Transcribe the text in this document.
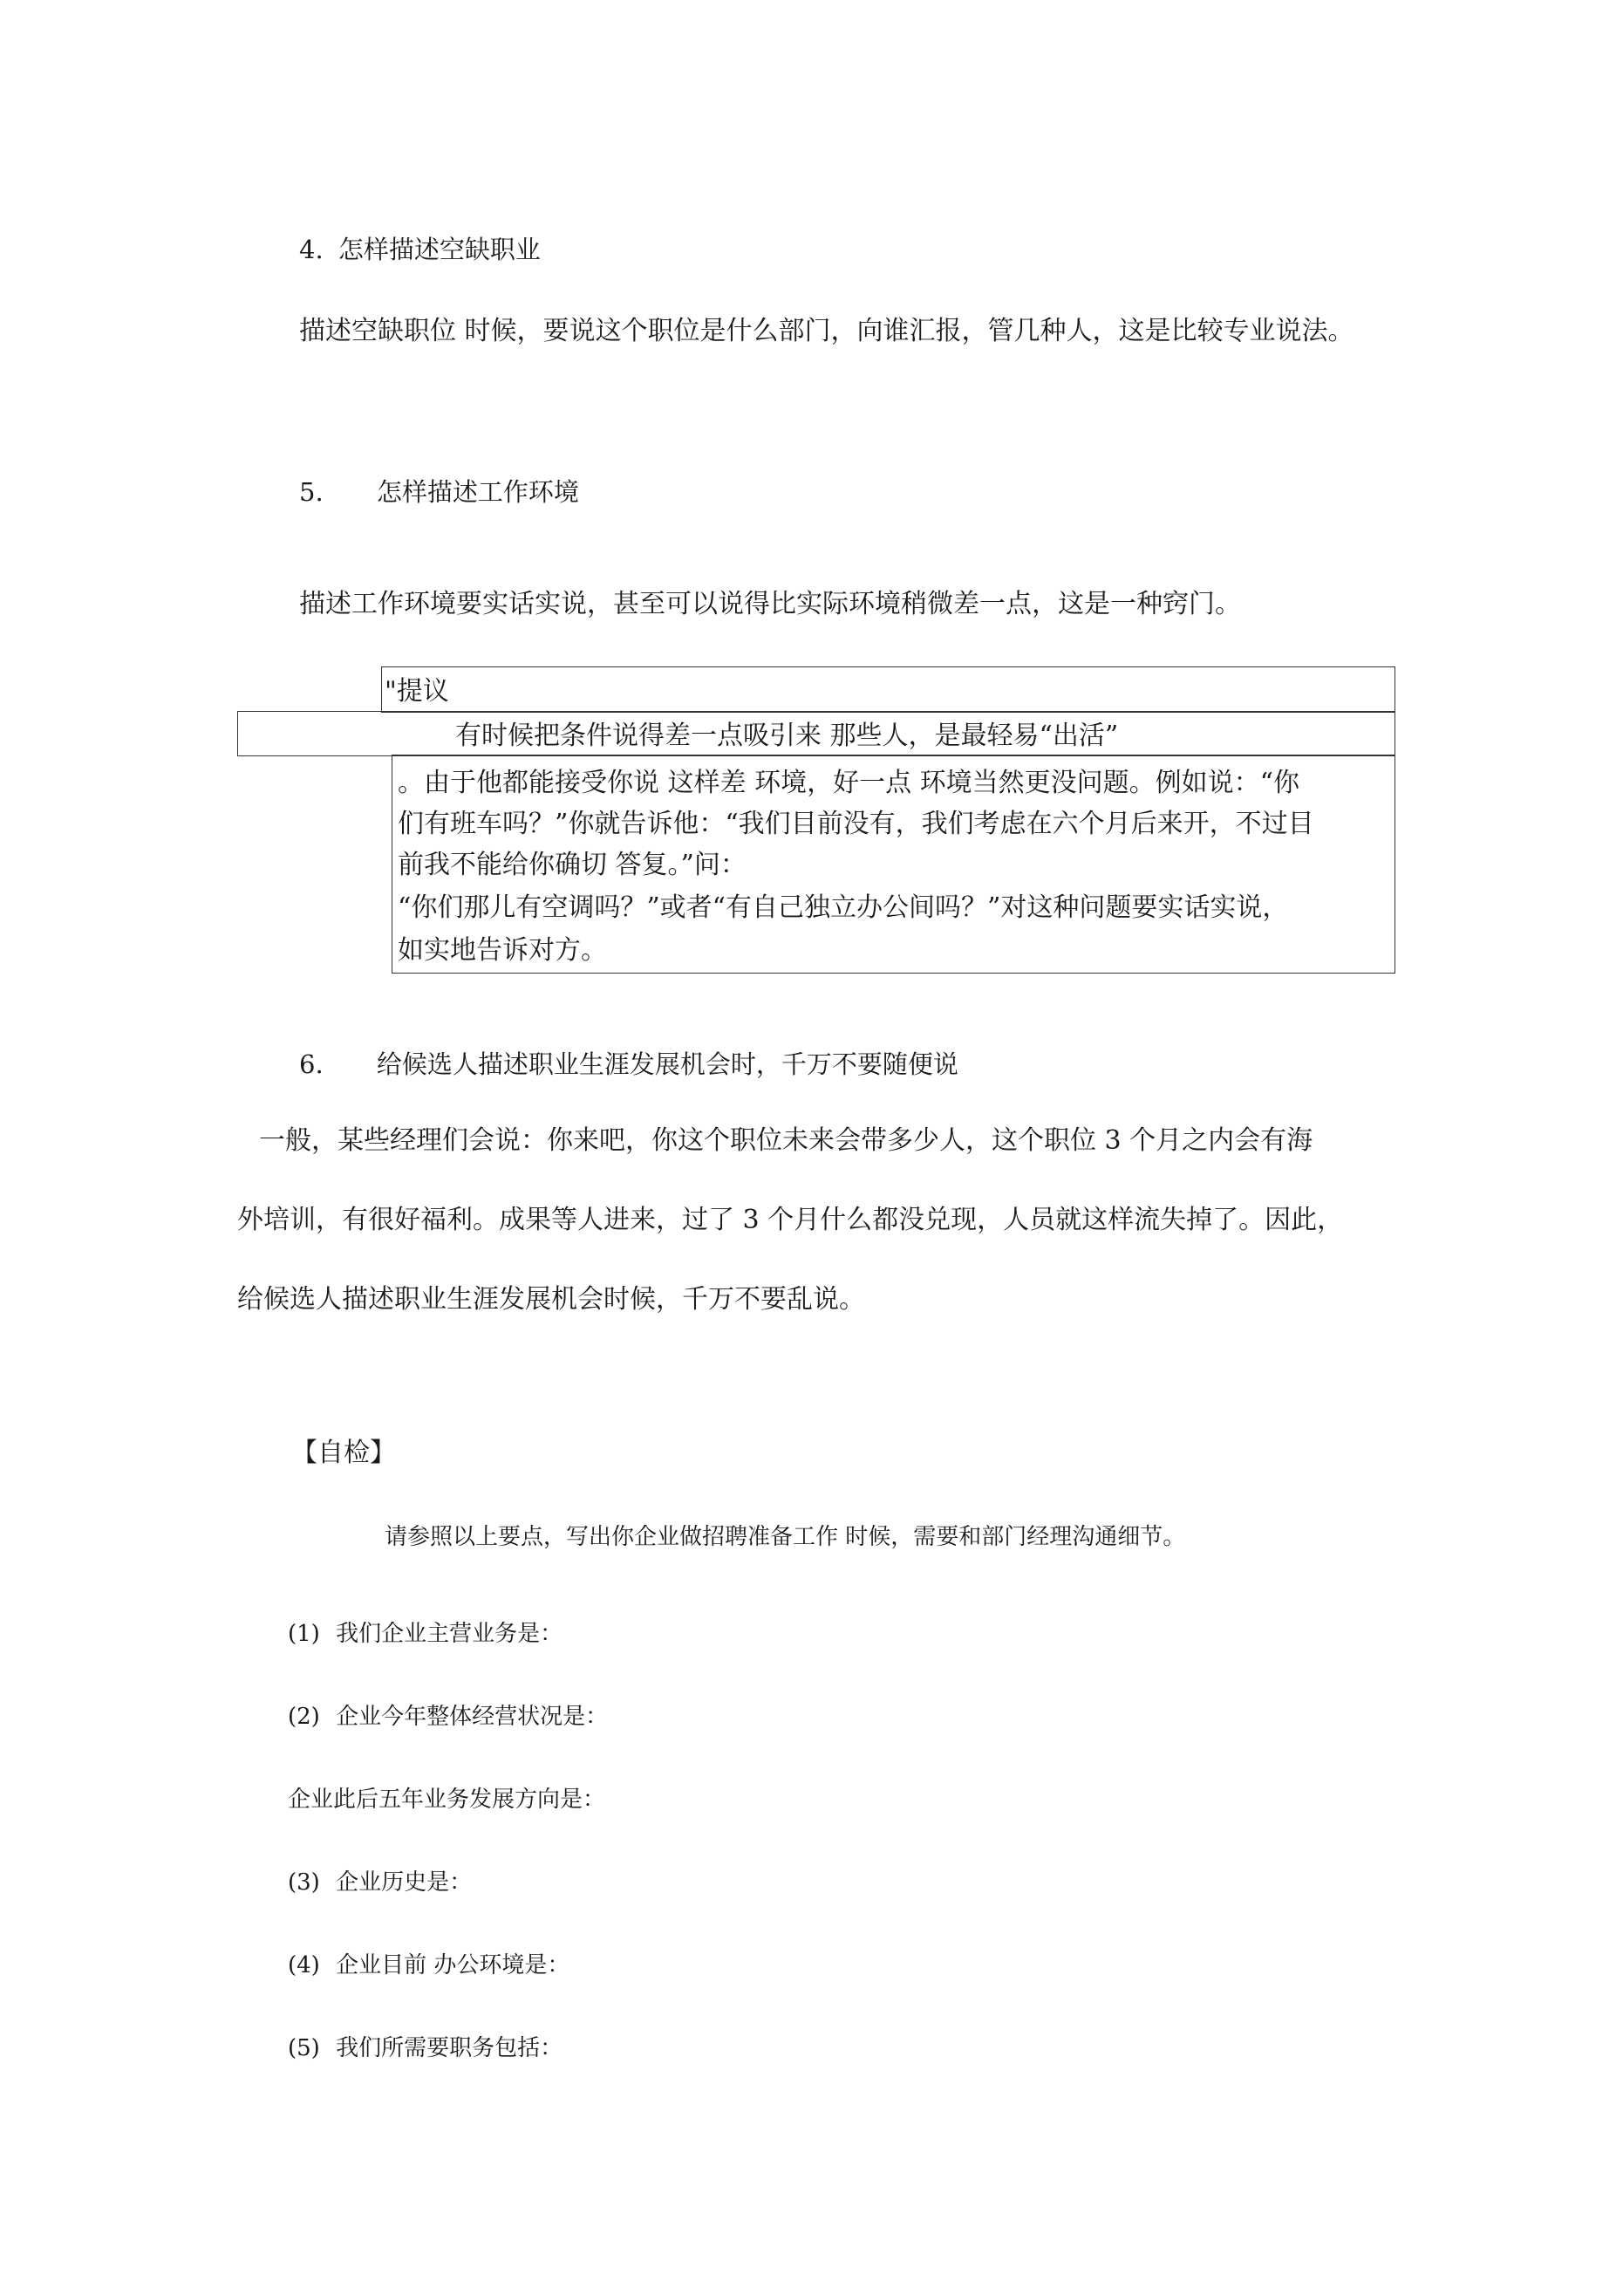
4. 怎样描述空缺职业
描述空缺职位 时候，要说这个职位是什么部门，向谁汇报，管几种人，这是比较专业说法。
5. 怎样描述工作环境
描述工作环境要实话实说，甚至可以说得比实际环境稍微差一点，这是一种窍门。
"提议
有时候把条件说得差一点吸引来 那些人，是最轻易“出活”
。由于他都能接受你说 这样差 环境，好一点 环境当然更没问题。例如说：“你
们有班车吗？”你就告诉他：“我们目前没有，我们考虑在六个月后来开，不过目
前我不能给你确切 答复。”问：
“你们那儿有空调吗？”或者“有自己独立办公间吗？”对这种问题要实话实说，
如实地告诉对方。
6. 给候选人描述职业生涯发展机会时，千万不要随便说
一般，某些经理们会说：你来吧，你这个职位未来会带多少人，这个职位 3 个月之内会有海
外培训，有很好福利。成果等人进来，过了 3 个月什么都没兑现，人员就这样流失掉了。因此，
给候选人描述职业生涯发展机会时候，千万不要乱说。
【自检】
请参照以上要点，写出你企业做招聘准备工作 时候，需要和部门经理沟通细节。
(1) 我们企业主营业务是：
(2) 企业今年整体经营状况是：
企业此后五年业务发展方向是：
(3) 企业历史是：
(4) 企业目前 办公环境是：
(5) 我们所需要职务包括：
